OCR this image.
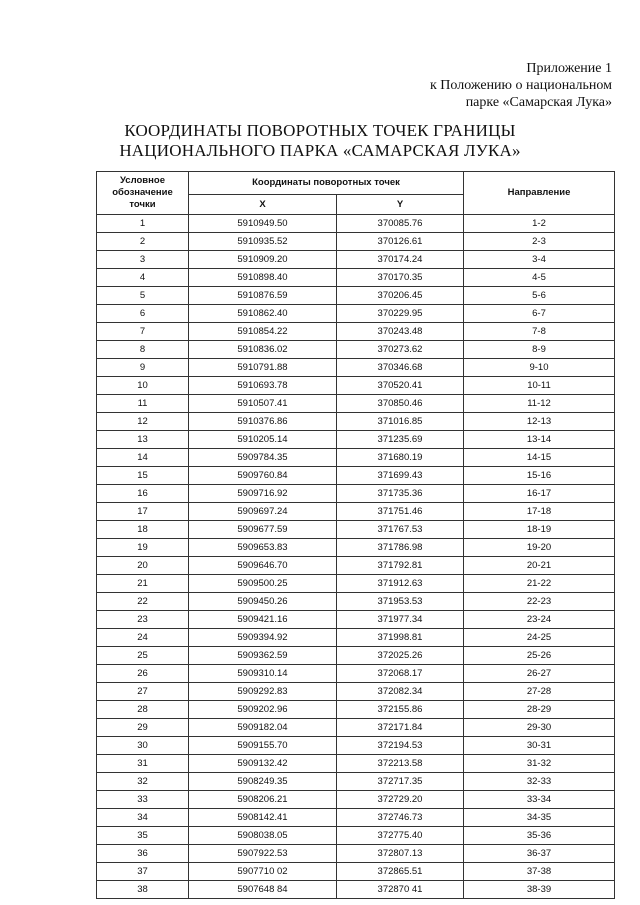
Приложение 1
к Положению о национальном
парке «Самарская Лука»
КООРДИНАТЫ ПОВОРОТНЫХ ТОЧЕК ГРАНИЦЫ
НАЦИОНАЛЬНОГО ПАРКА «САМАРСКАЯ ЛУКА»
Условное
обозначение
точки	Координаты поворотных точек		Направление
	X	Y	
1	5910949.50	370085.76	1-2
2	5910935.52	370126.61	2-3
3	5910909.20	370174.24	3-4
4	5910898.40	370170.35	4-5
5	5910876.59	370206.45	5-6
6	5910862.40	370229.95	6-7
7	5910854.22	370243.48	7-8
8	5910836.02	370273.62	8-9
9	5910791.88	370346.68	9-10
10	5910693.78	370520.41	10-11
11	5910507.41	370850.46	11-12
12	5910376.86	371016.85	12-13
13	5910205.14	371235.69	13-14
14	5909784.35	371680.19	14-15
15	5909760.84	371699.43	15-16
16	5909716.92	371735.36	16-17
17	5909697.24	371751.46	17-18
18	5909677.59	371767.53	18-19
19	5909653.83	371786.98	19-20
20	5909646.70	371792.81	20-21
21	5909500.25	371912.63	21-22
22	5909450.26	371953.53	22-23
23	5909421.16	371977.34	23-24
24	5909394.92	371998.81	24-25
25	5909362.59	372025.26	25-26
26	5909310.14	372068.17	26-27
27	5909292.83	372082.34	27-28
28	5909202.96	372155.86	28-29
29	5909182.04	372171.84	29-30
30	5909155.70	372194.53	30-31
31	5909132.42	372213.58	31-32
32	5908249.35	372717.35	32-33
33	5908206.21	372729.20	33-34
34	5908142.41	372746.73	34-35
35	5908038.05	372775.40	35-36
36	5907922.53	372807.13	36-37
37	5907710 02	372865.51	37-38
38	5907648 84	372870 41	38-39
